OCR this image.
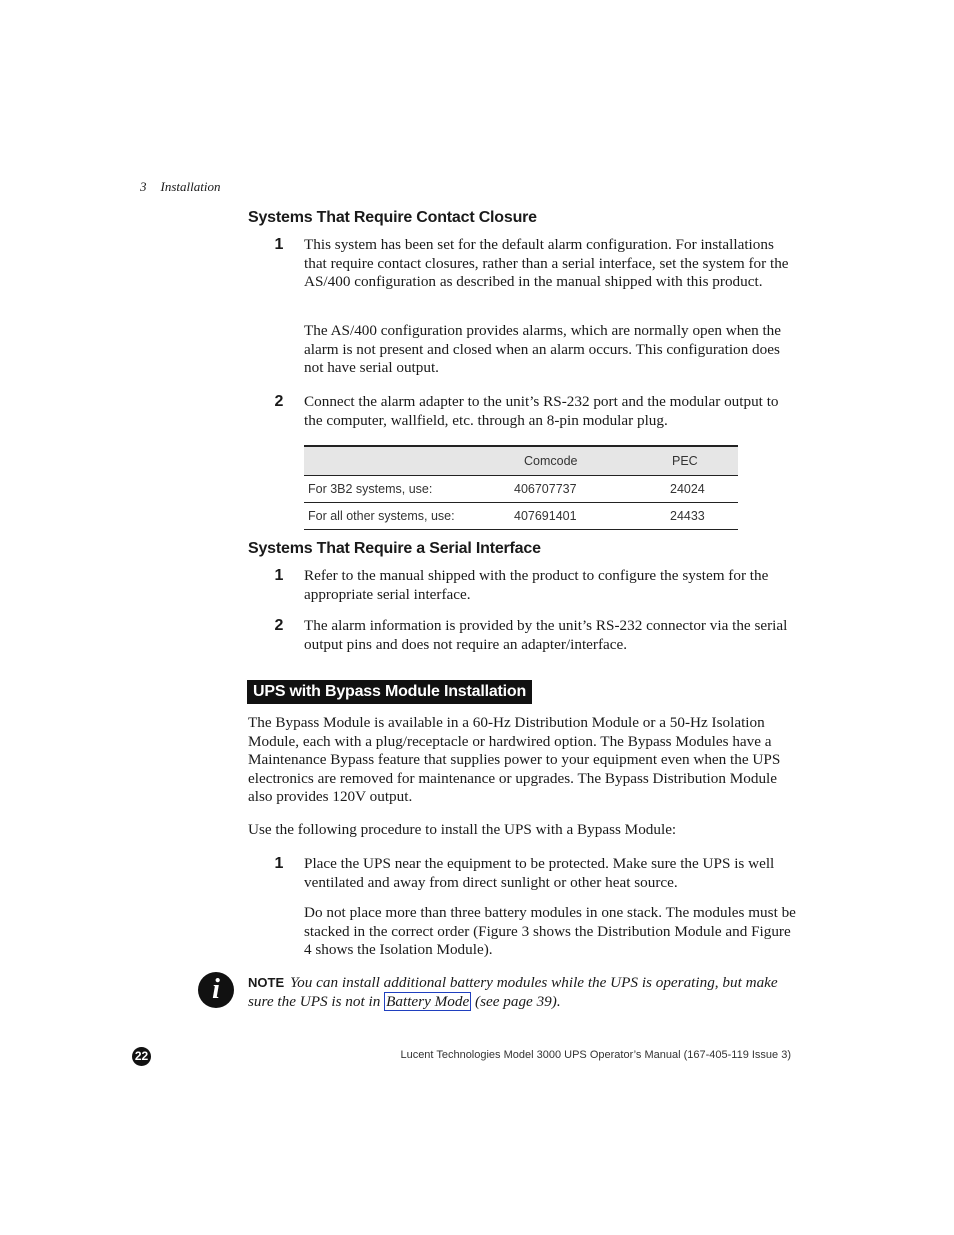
3 Installation
Systems That Require Contact Closure
1 This system has been set for the default alarm configuration. For installations that require contact closures, rather than a serial interface, set the system for the AS/400 configuration as described in the manual shipped with this product.
The AS/400 configuration provides alarms, which are normally open when the alarm is not present and closed when an alarm occurs. This configuration does not have serial output.
2 Connect the alarm adapter to the unit’s RS-232 port and the modular output to the computer, wallfield, etc. through an 8-pin modular plug.
	Comcode	PEC
For 3B2 systems, use:	406707737	24024
For all other systems, use:	407691401	24433
Systems That Require a Serial Interface
1 Refer to the manual shipped with the product to configure the system for the appropriate serial interface.
2 The alarm information is provided by the unit’s RS-232 connector via the serial output pins and does not require an adapter/interface.
UPS with Bypass Module Installation
The Bypass Module is available in a 60-Hz Distribution Module or a 50-Hz Isolation Module, each with a plug/receptacle or hardwired option. The Bypass Modules have a Maintenance Bypass feature that supplies power to your equipment even when the UPS electronics are removed for maintenance or upgrades. The Bypass Distribution Module also provides 120V output.
Use the following procedure to install the UPS with a Bypass Module:
1 Place the UPS near the equipment to be protected. Make sure the UPS is well ventilated and away from direct sunlight or other heat source.
Do not place more than three battery modules in one stack. The modules must be stacked in the correct order (Figure 3 shows the Distribution Module and Figure 4 shows the Isolation Module).
i	NOTE You can install additional battery modules while the UPS is operating, but make sure the UPS is not in Battery Mode (see page 39).
22	Lucent Technologies Model 3000 UPS Operator’s Manual (167-405-119 Issue 3)
